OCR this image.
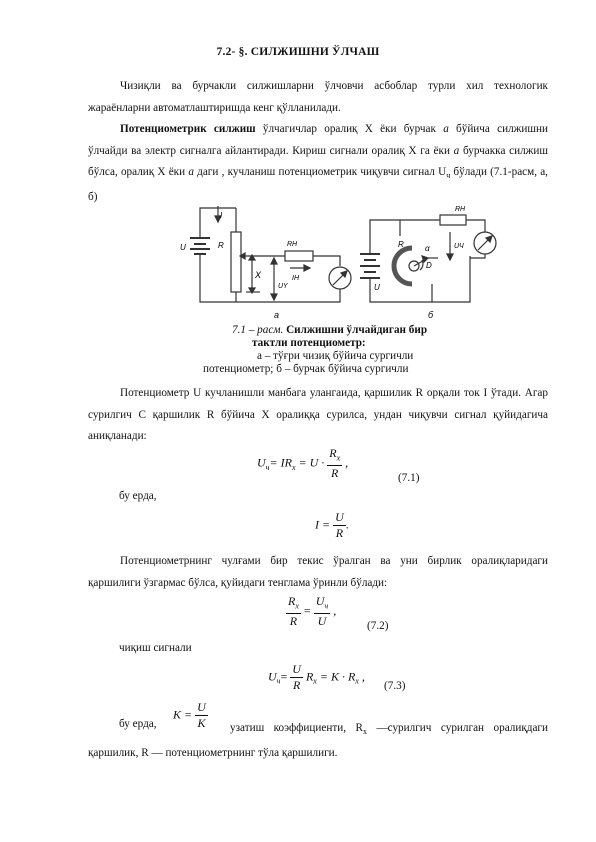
7.2- §. СИЛЖИШНИ ЎЛЧАШ

Чизиқли ва бурчакли силжишларни ўлчовчи асбоблар турли хил технологик жараёнларни автоматлаштиришда кенг қўлланилади.

Потенциометрик силжиш ўлчагичлар оралиқ X ёки бурчак а бўйича силжишни ўлчайди ва электр сигналга айлантиради. Кириш сигнали оралиқ X га ёки а бурчакка силжиш бўлса, оралиқ X ёки а даги , кучланиш потенциометрик чиқувчи сигнал $U_ч$ бўлади (7.1-расм, а, б)

I
U	R
X
RH
IH
UY
a
RH
R
U
α
D
UЧ
б
7.1 – расм. Силжишни ўлчайдиган бир
тактли потенциометр:
а – тўғри чизиқ бўйича сургичли
потенциометр; б – бурчак бўйича сургичли

Потенциометр U кучланишли манбага улангаида, қаршилик R орқали ток I ўтади. Агар сурилгич С қаршилик R бўйича X оралиққа сурилса, ундан чиқувчи сигнал қуйидагича аниқланади:

$U_ч= IR_x = U \cdot \frac{R_x}{R}$ ,
(7.1)
бу ерда,
$I = \frac{U}{R}$ .

Потенциометрнинг чулғами бир текис ўралган ва уни бирлик оралиқларидаги қаршилиги ўзгармас бўлса, қуйидаги тенглама ўринли бўлади:

$\frac{R_x}{R} = \frac{U_ч}{U}$ ,
(7.2)
чиқиш сигнали
$U_ч= \frac{U}{R} R_x = K \cdot R_x$ ,
(7.3)
$K = \frac{U}{K}$
бу ерда,	узатиш коэффициенти, $R_x$ —сурилгич сурилган оралиқдаги қаршилик, R — потенциометрнинг тўла қаршилиги.
